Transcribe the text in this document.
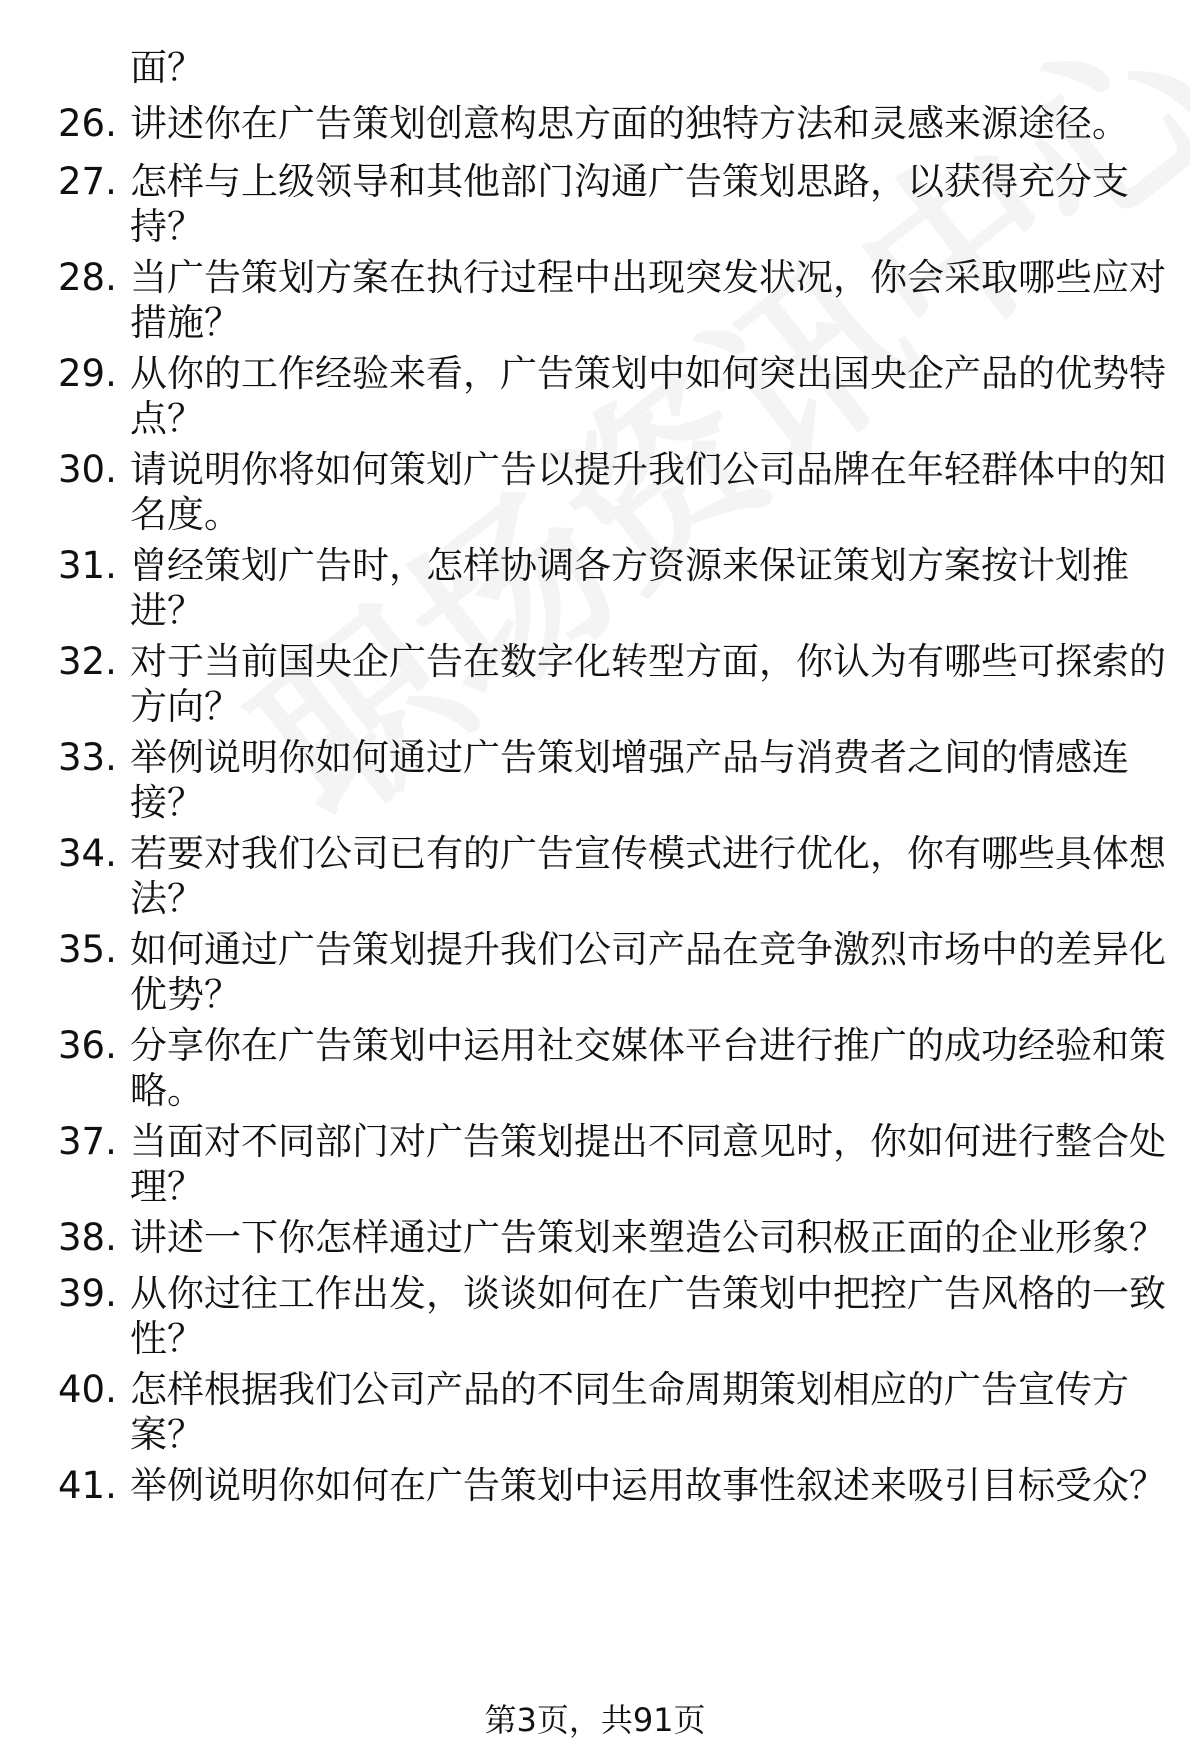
面？
26. 讲述你在广告策划创意构思方面的独特方法和灵感来源途径。
27. 怎样与上级领导和其他部门沟通广告策划思路，以获得充分支
持？
28. 当广告策划方案在执行过程中出现突发状况，你会采取哪些应对
措施？
29. 从你的工作经验来看，广告策划中如何突出国央企产品的优势特
点？
30. 请说明你将如何策划广告以提升我们公司品牌在年轻群体中的知
名度。
31. 曾经策划广告时，怎样协调各方资源来保证策划方案按计划推
进？
32. 对于当前国央企广告在数字化转型方面，你认为有哪些可探索的
方向？
33. 举例说明你如何通过广告策划增强产品与消费者之间的情感连
接？
34. 若要对我们公司已有的广告宣传模式进行优化，你有哪些具体想
法？
35. 如何通过广告策划提升我们公司产品在竞争激烈市场中的差异化
优势？
36. 分享你在广告策划中运用社交媒体平台进行推广的成功经验和策
略。
37. 当面对不同部门对广告策划提出不同意见时，你如何进行整合处
理？
38. 讲述一下你怎样通过广告策划来塑造公司积极正面的企业形象？
39. 从你过往工作出发，谈谈如何在广告策划中把控广告风格的一致
性？
40. 怎样根据我们公司产品的不同生命周期策划相应的广告宣传方
案？
41. 举例说明你如何在广告策划中运用故事性叙述来吸引目标受众？
第3页，共91页
